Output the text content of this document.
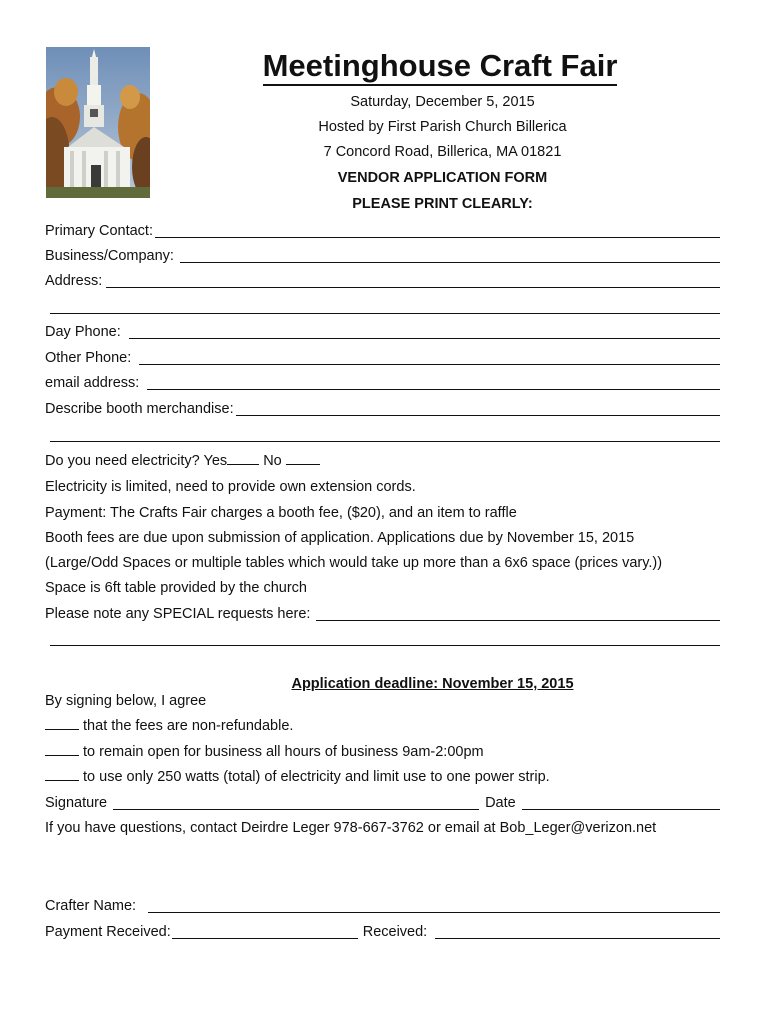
Meetinghouse Craft Fair
Saturday, December 5, 2015
Hosted by First Parish Church Billerica
7 Concord Road, Billerica, MA 01821
VENDOR APPLICATION FORM
PLEASE PRINT CLEARLY:
Primary Contact:
Business/Company:
Address:
Day Phone:
Other Phone:
email address:
Describe booth merchandise:
Do you need electricity? Yes No
Electricity is limited, need to provide own extension cords.
Payment: The Crafts Fair charges a booth fee, ($20), and an item to raffle
Booth fees are due upon submission of application. Applications due by November 15, 2015
(Large/Odd Spaces or multiple tables which would take up more than a 6x6 space (prices vary.))
Space is 6ft table provided by the church
Please note any SPECIAL requests here:
Application deadline: November 15, 2015
By signing below, I agree
that the fees are non-refundable.
to remain open for business all hours of business 9am-2:00pm
to use only 250 watts (total) of electricity and limit use to one power strip.
Signature	Date
If you have questions, contact Deirdre Leger 978-667-3762 or email at Bob_Leger@verizon.net
Crafter Name:
Payment Received:	Received:
